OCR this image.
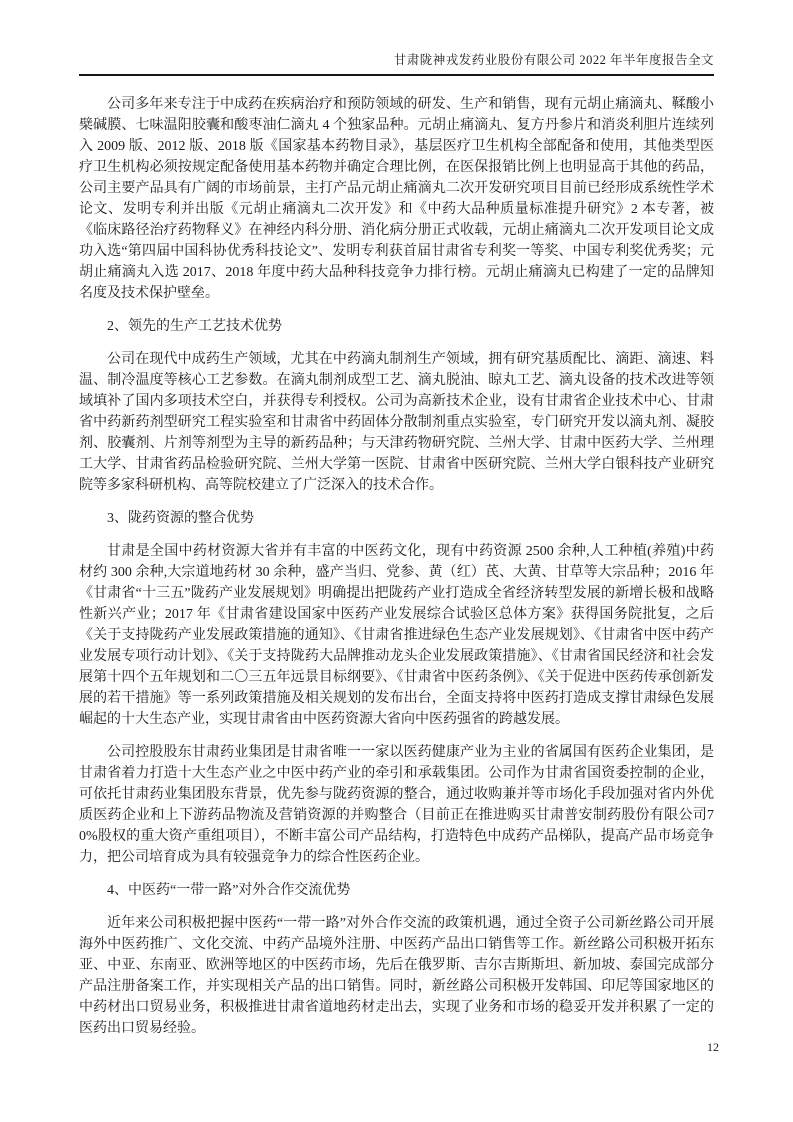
甘肃陇神戎发药业股份有限公司 2022 年半年度报告全文

公司多年来专注于中成药在疾病治疗和预防领域的研发、生产和销售，现有元胡止痛滴丸、鞣酸小檗碱膜、七味温阳胶囊和酸枣油仁滴丸 4 个独家品种。元胡止痛滴丸、复方丹参片和消炎利胆片连续列入 2009 版、2012 版、2018 版《国家基本药物目录》，基层医疗卫生机构全部配备和使用，其他类型医疗卫生机构必须按规定配备使用基本药物并确定合理比例，在医保报销比例上也明显高于其他的药品，公司主要产品具有广阔的市场前景，主打产品元胡止痛滴丸二次开发研究项目目前已经形成系统性学术论文、发明专利并出版《元胡止痛滴丸二次开发》和《中药大品种质量标准提升研究》2 本专著，被《临床路径治疗药物释义》在神经内科分册、消化病分册正式收载，元胡止痛滴丸二次开发项目论文成功入选“第四届中国科协优秀科技论文”、发明专利获首届甘肃省专利奖一等奖、中国专利奖优秀奖；元胡止痛滴丸入选 2017、2018 年度中药大品种科技竞争力排行榜。元胡止痛滴丸已构建了一定的品牌知名度及技术保护壁垒。

2、领先的生产工艺技术优势

公司在现代中成药生产领域，尤其在中药滴丸制剂生产领域，拥有研究基质配比、滴距、滴速、料温、制冷温度等核心工艺参数。在滴丸制剂成型工艺、滴丸脱油、晾丸工艺、滴丸设备的技术改进等领域填补了国内多项技术空白，并获得专利授权。公司为高新技术企业，设有甘肃省企业技术中心、甘肃省中药新药剂型研究工程实验室和甘肃省中药固体分散制剂重点实验室，专门研究开发以滴丸剂、凝胶剂、胶囊剂、片剂等剂型为主导的新药品种；与天津药物研究院、兰州大学、甘肃中医药大学、兰州理工大学、甘肃省药品检验研究院、兰州大学第一医院、甘肃省中医研究院、兰州大学白银科技产业研究院等多家科研机构、高等院校建立了广泛深入的技术合作。

3、陇药资源的整合优势

甘肃是全国中药材资源大省并有丰富的中医药文化，现有中药资源 2500 余种,人工种植(养殖)中药材约 300 余种,大宗道地药材 30 余种，盛产当归、党参、黄（红）芪、大黄、甘草等大宗品种；2016 年《甘肃省“十三五”陇药产业发展规划》明确提出把陇药产业打造成全省经济转型发展的新增长极和战略性新兴产业；2017 年《甘肃省建设国家中医药产业发展综合试验区总体方案》获得国务院批复，之后《关于支持陇药产业发展政策措施的通知》、《甘肃省推进绿色生态产业发展规划》、《甘肃省中医中药产业发展专项行动计划》、《关于支持陇药大品牌推动龙头企业发展政策措施》、《甘肃省国民经济和社会发展第十四个五年规划和二〇三五年远景目标纲要》、《甘肃省中医药条例》、《关于促进中医药传承创新发展的若干措施》等一系列政策措施及相关规划的发布出台，全面支持将中医药打造成支撑甘肃绿色发展崛起的十大生态产业，实现甘肃省由中医药资源大省向中医药强省的跨越发展。

公司控股股东甘肃药业集团是甘肃省唯一一家以医药健康产业为主业的省属国有医药企业集团，是甘肃省着力打造十大生态产业之中医中药产业的牵引和承载集团。公司作为甘肃省国资委控制的企业，可依托甘肃药业集团股东背景，优先参与陇药资源的整合，通过收购兼并等市场化手段加强对省内外优质医药企业和上下游药品物流及营销资源的并购整合（目前正在推进购买甘肃普安制药股份有限公司70%股权的重大资产重组项目），不断丰富公司产品结构，打造特色中成药产品梯队，提高产品市场竞争力，把公司培育成为具有较强竞争力的综合性医药企业。

4、中医药“一带一路”对外合作交流优势

近年来公司积极把握中医药“一带一路”对外合作交流的政策机遇，通过全资子公司新丝路公司开展海外中医药推广、文化交流、中药产品境外注册、中医药产品出口销售等工作。新丝路公司积极开拓东亚、中亚、东南亚、欧洲等地区的中医药市场，先后在俄罗斯、吉尔吉斯斯坦、新加坡、泰国完成部分产品注册备案工作，并实现相关产品的出口销售。同时，新丝路公司积极开发韩国、印尼等国家地区的中药材出口贸易业务，积极推进甘肃省道地药材走出去，实现了业务和市场的稳妥开发并积累了一定的医药出口贸易经验。

12
